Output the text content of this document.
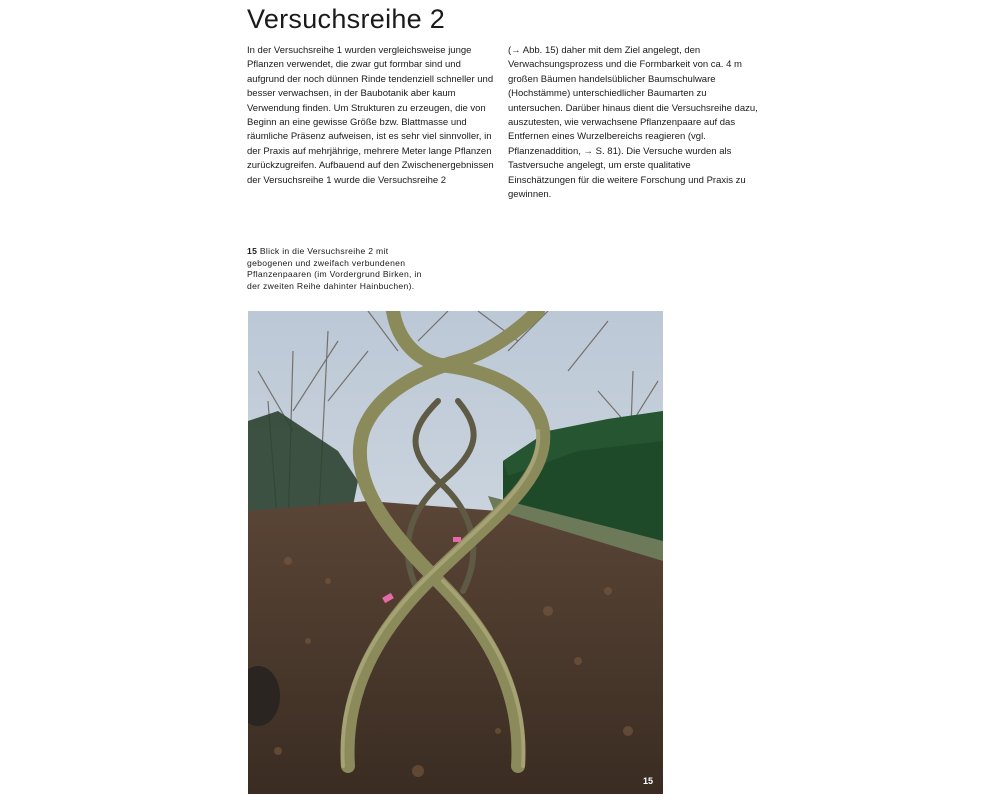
Versuchsreihe 2

In der Versuchsreihe 1 wurden vergleichsweise junge Pflanzen verwendet, die zwar gut formbar sind und aufgrund der noch dünnen Rinde tendenziell schneller und besser verwachsen, in der Baubotanik aber kaum Verwendung finden. Um Strukturen zu erzeugen, die von Beginn an eine gewisse Größe bzw. Blattmasse und räumliche Präsenz aufweisen, ist es sehr viel sinnvoller, in der Praxis auf mehrjährige, mehrere Meter lange Pflanzen zurückzugreifen. Aufbauend auf den Zwischenergebnissen der Versuchsreihe 1 wurde die Versuchsreihe 2

(→ Abb. 15) daher mit dem Ziel angelegt, den Verwachsungsprozess und die Formbarkeit von ca. 4 m großen Bäumen handelsüblicher Baumschulware (Hochstämme) unterschiedlicher Baumarten zu untersuchen. Darüber hinaus dient die Versuchsreihe dazu, auszutesten, wie verwachsene Pflanzenpaare auf das Entfernen eines Wurzelbereichs reagieren (vgl. Pflanzenaddition, → S. 81). Die Versuche wurden als Tastversuche angelegt, um erste qualitative Einschätzungen für die weitere Forschung und Praxis zu gewinnen.

15 Blick in die Versuchsreihe 2 mit gebogenen und zweifach verbundenen Pflanzenpaaren (im Vordergrund Birken, in der zweiten Reihe dahinter Hainbuchen).
15
